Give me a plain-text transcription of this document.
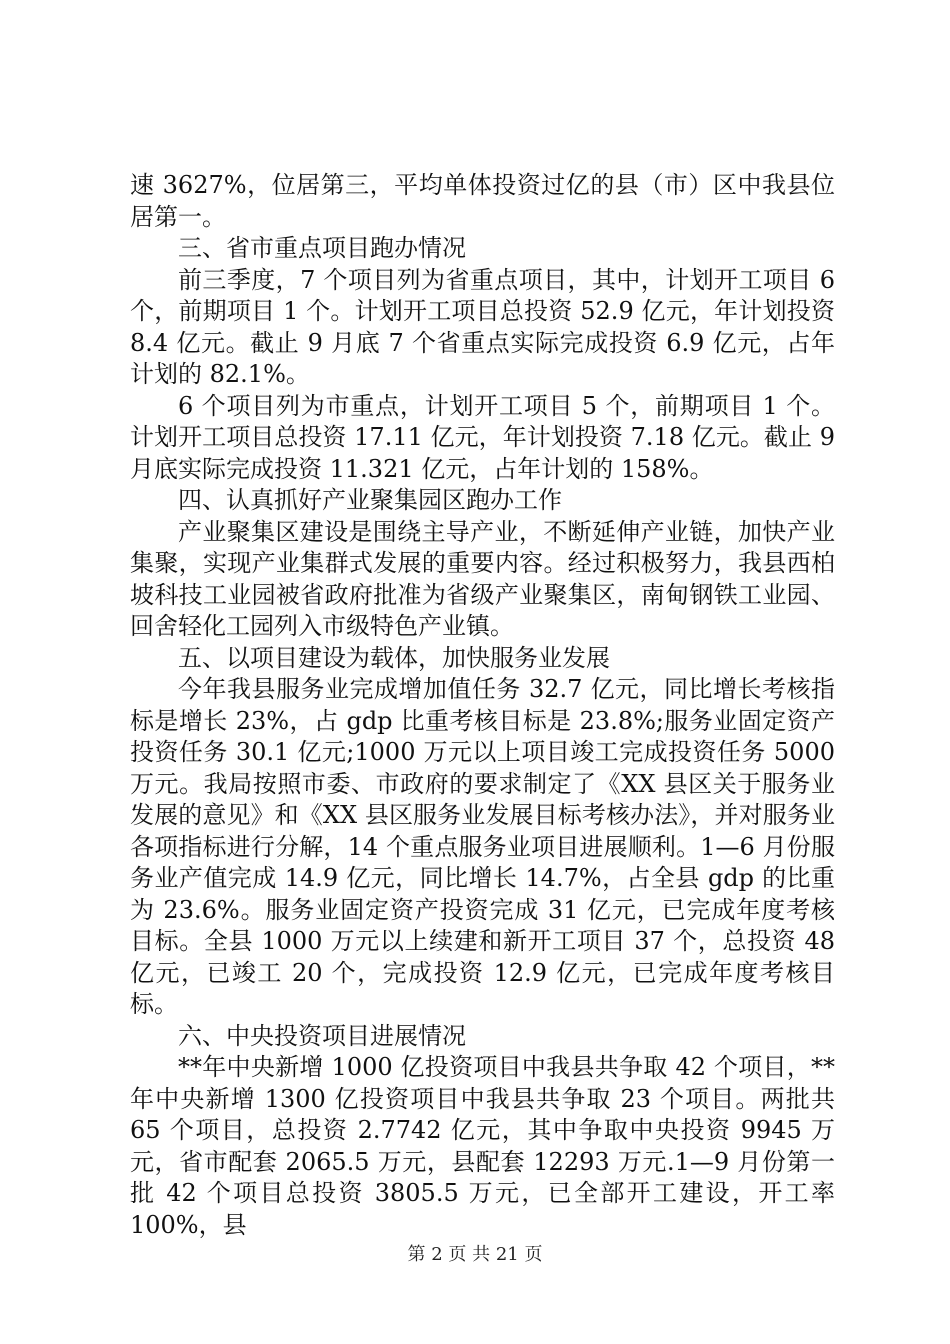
速 3627%，位居第三，平均单体投资过亿的县（市）区中我县位居第一。

三、省市重点项目跑办情况

前三季度，7 个项目列为省重点项目，其中，计划开工项目 6 个，前期项目 1 个。计划开工项目总投资 52.9 亿元，年计划投资 8.4 亿元。截止 9 月底 7 个省重点实际完成投资 6.9 亿元，占年计划的 82.1%。

6 个项目列为市重点，计划开工项目 5 个，前期项目 1 个。计划开工项目总投资 17.11 亿元，年计划投资 7.18 亿元。截止 9 月底实际完成投资 11.321 亿元，占年计划的 158%。

四、认真抓好产业聚集园区跑办工作

产业聚集区建设是围绕主导产业，不断延伸产业链，加快产业集聚，实现产业集群式发展的重要内容。经过积极努力，我县西柏坡科技工业园被省政府批准为省级产业聚集区，南甸钢铁工业园、回舍轻化工园列入市级特色产业镇。

五、以项目建设为载体，加快服务业发展

今年我县服务业完成增加值任务 32.7 亿元，同比增长考核指标是增长 23%，占 gdp 比重考核目标是 23.8%;服务业固定资产投资任务 30.1 亿元;1000 万元以上项目竣工完成投资任务 5000 万元。我局按照市委、市政府的要求制定了《XX 县区关于服务业发展的意见》和《XX 县区服务业发展目标考核办法》，并对服务业各项指标进行分解，14 个重点服务业项目进展顺利。1—6 月份服务业产值完成 14.9 亿元，同比增长 14.7%，占全县 gdp 的比重为 23.6%。服务业固定资产投资完成 31 亿元，已完成年度考核目标。全县 1000 万元以上续建和新开工项目 37 个，总投资 48 亿元，已竣工 20 个，完成投资 12.9 亿元，已完成年度考核目标。

六、中央投资项目进展情况

**年中央新增 1000 亿投资项目中我县共争取 42 个项目，**年中央新增 1300 亿投资项目中我县共争取 23 个项目。两批共 65 个项目，总投资 2.7742 亿元，其中争取中央投资 9945 万元，省市配套 2065.5 万元，县配套 12293 万元.1—9 月份第一批 42 个项目总投资 3805.5 万元，已全部开工建设，开工率 100%，县

第 2 页 共 21 页
